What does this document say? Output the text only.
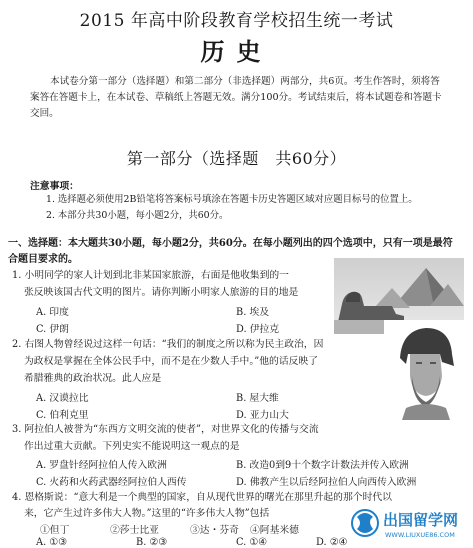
2015 年高中阶段教育学校招生统一考试
历史
本试卷分第一部分（选择题）和第二部分（非选择题）两部分，共6页。考生作答时，须将答案答在答题卡上，在本试卷、草稿纸上答题无效。满分100分。考试结束后，将本试题卷和答题卡交回。
第一部分（选择题　共60分）
注意事项：
1. 选择题必须使用2B铅笔将答案标号填涂在答题卡历史答题区域对应题目标号的位置上。
2. 本部分共30小题，每小题2分，共60分。
一、选择题：本大题共30小题，每小题2分，共60分。在每小题列出的四个选项中，只有一项是最符合题目要求的。
1. 小明同学的家人计划到北非某国家旅游，右面是他收集到的一
张反映该国古代文明的图片。请你判断小明家人旅游的目的地是
A. 印度	B. 埃及
C. 伊朗	D. 伊拉克
2. 右图人物曾经说过这样一句话：“我们的制度之所以称为民主政治，因
为政权是掌握在全体公民手中，而不是在少数人手中。”他的话反映了
希腊雅典的政治状况。此人应是
A. 汉谟拉比	B. 屋大维
C. 伯利克里	D. 亚力山大
3. 阿拉伯人被誉为“东西方文明交流的使者”，对世界文化的传播与交流
作出过重大贡献。下列史实不能说明这一观点的是
A. 罗盘针经阿拉伯人传入欧洲	B. 改造0到9十个数字计数法并传入欧洲
C. 火药和火药武器经阿拉伯人西传	D. 佛教产生以后经阿拉伯人向西传入欧洲
4. 恩格斯说：“意大利是一个典型的国家，自从现代世界的曙光在那里升起的那个时代以
来，它产生过许多伟大人物。”这里的“许多伟大人物”包括
①但丁	②莎士比亚	③达・芬奇 ④阿基米德
A. ①③	B. ②③	C. ①④	D. ②④
出国留学网
WWW.LIUXUE86.COM
